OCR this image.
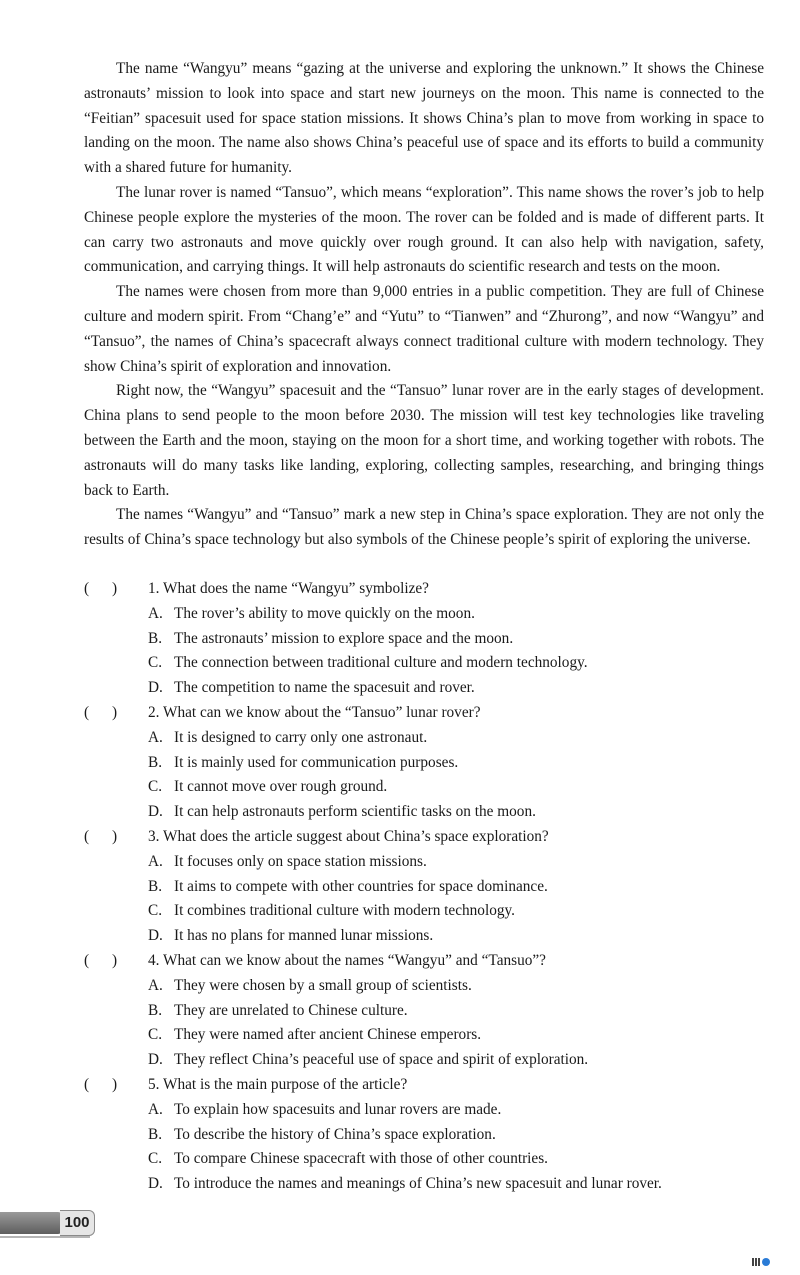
The name “Wangyu” means “gazing at the universe and exploring the unknown.” It shows the Chinese astronauts’ mission to look into space and start new journeys on the moon. This name is connected to the “Feitian” spacesuit used for space station missions. It shows China’s plan to move from working in space to landing on the moon. The name also shows China’s peaceful use of space and its efforts to build a community with a shared future for humanity.

The lunar rover is named “Tansuo”, which means “exploration”. This name shows the rover’s job to help Chinese people explore the mysteries of the moon. The rover can be folded and is made of different parts. It can carry two astronauts and move quickly over rough ground. It can also help with navigation, safety, communication, and carrying things. It will help astronauts do scientific research and tests on the moon.

The names were chosen from more than 9,000 entries in a public competition. They are full of Chinese culture and modern spirit. From “Chang’e” and “Yutu” to “Tianwen” and “Zhurong”, and now “Wangyu” and “Tansuo”, the names of China’s spacecraft always connect traditional culture with modern technology. They show China’s spirit of exploration and innovation.

Right now, the “Wangyu” spacesuit and the “Tansuo” lunar rover are in the early stages of development. China plans to send people to the moon before 2030. The mission will test key technologies like traveling between the Earth and the moon, staying on the moon for a short time, and working together with robots. The astronauts will do many tasks like landing, exploring, collecting samples, researching, and bringing things back to Earth.

The names “Wangyu” and “Tansuo” mark a new step in China’s space exploration. They are not only the results of China’s space technology but also symbols of the Chinese people’s spirit of exploring the universe.

(      )	1. What does the name “Wangyu” symbolize?
A. The rover’s ability to move quickly on the moon.
B. The astronauts’ mission to explore space and the moon.
C. The connection between traditional culture and modern technology.
D. The competition to name the spacesuit and rover.
(      )	2. What can we know about the “Tansuo” lunar rover?
A. It is designed to carry only one astronaut.
B. It is mainly used for communication purposes.
C. It cannot move over rough ground.
D. It can help astronauts perform scientific tasks on the moon.
(      )	3. What does the article suggest about China’s space exploration?
A. It focuses only on space station missions.
B. It aims to compete with other countries for space dominance.
C. It combines traditional culture with modern technology.
D. It has no plans for manned lunar missions.
(      )	4. What can we know about the names “Wangyu” and “Tansuo”?
A. They were chosen by a small group of scientists.
B. They are unrelated to Chinese culture.
C. They were named after ancient Chinese emperors.
D. They reflect China’s peaceful use of space and spirit of exploration.
(      )	5. What is the main purpose of the article?
A. To explain how spacesuits and lunar rovers are made.
B. To describe the history of China’s space exploration.
C. To compare Chinese spacecraft with those of other countries.
D. To introduce the names and meanings of China’s new spacesuit and lunar rover.
100
